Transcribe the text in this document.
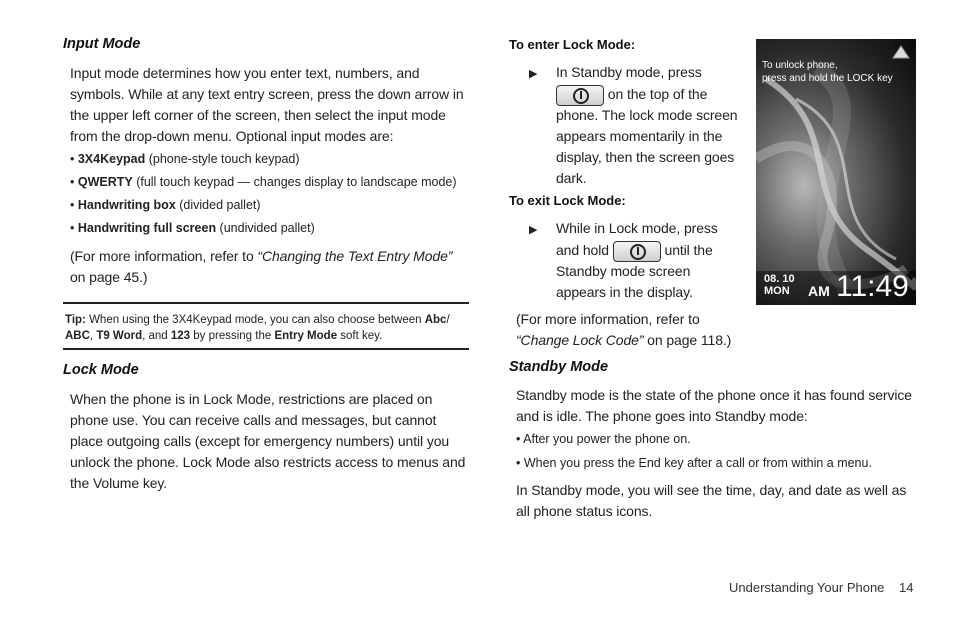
Input Mode
Input mode determines how you enter text, numbers, and symbols. While at any text entry screen, press the down arrow in the upper left corner of the screen, then select the input mode from the drop-down menu. Optional input modes are:
• 3X4Keypad (phone-style touch keypad)
• QWERTY (full touch keypad — changes display to landscape mode)
• Handwriting box (divided pallet)
• Handwriting full screen (undivided pallet)
(For more information, refer to “Changing the Text Entry Mode” on page 45.)
Tip: When using the 3X4Keypad mode, you can also choose between Abc/
ABC, T9 Word, and 123 by pressing the Entry Mode soft key.
Lock Mode
When the phone is in Lock Mode, restrictions are placed on phone use. You can receive calls and messages, but cannot place outgoing calls (except for emergency numbers) until you unlock the phone. Lock Mode also restricts access to menus and the Volume key.
To enter Lock Mode:
▶ In Standby mode, press
on the top of the
phone. The lock mode screen
appears momentarily in the
display, then the screen goes
dark.
To exit Lock Mode:
▶ While in Lock mode, press
and hold	until the
Standby mode screen
appears in the display.
(For more information, refer to
“Change Lock Code” on page 118.)
Standby Mode
Standby mode is the state of the phone once it has found service and is idle. The phone goes into Standby mode:
• After you power the phone on.
• When you press the End key after a call or from within a menu.
In Standby mode, you will see the time, day, and date as well as all phone status icons.
To unlock phone,
press and hold the LOCK key
08. 10
MON	AM 11:49
Understanding Your Phone 14
